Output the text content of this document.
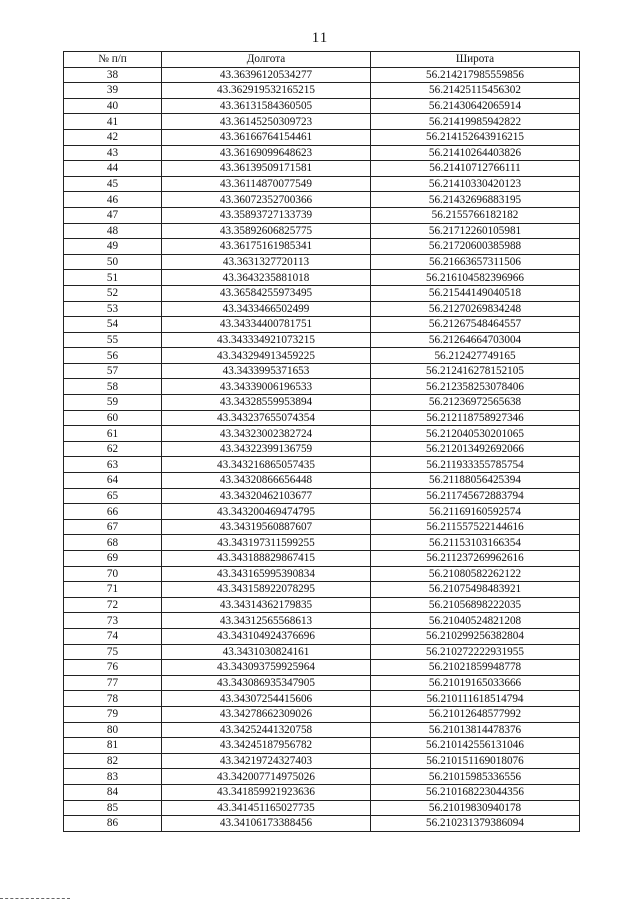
11
№ п/п	Долгота	Широта
38	43.36396120534277	56.214217985559856
39	43.362919532165215	56.21425115456302
40	43.36131584360505	56.21430642065914
41	43.36145250309723	56.21419985942822
42	43.36166764154461	56.214152643916215
43	43.36169099648623	56.21410264403826
44	43.36139509171581	56.21410712766111
45	43.36114870077549	56.21410330420123
46	43.36072352700366	56.21432696883195
47	43.35893727133739	56.2155766182182
48	43.35892606825775	56.21712260105981
49	43.36175161985341	56.21720600385988
50	43.3631327720113	56.21663657311506
51	43.3643235881018	56.216104582396966
52	43.36584255973495	56.21544149040518
53	43.3433466502499	56.21270269834248
54	43.34334400781751	56.21267548464557
55	43.343334921073215	56.21264664703004
56	43.343294913459225	56.212427749165
57	43.3433995371653	56.212416278152105
58	43.34339006196533	56.212358253078406
59	43.34328559953894	56.21236972565638
60	43.343237655074354	56.212118758927346
61	43.34323002382724	56.212040530201065
62	43.34322399136759	56.212013492692066
63	43.343216865057435	56.211933355785754
64	43.34320866656448	56.21188056425394
65	43.34320462103677	56.211745672883794
66	43.343200469474795	56.21169160592574
67	43.34319560887607	56.211557522144616
68	43.343197311599255	56.21153103166354
69	43.343188829867415	56.211237269962616
70	43.343165995390834	56.21080582262122
71	43.343158922078295	56.21075498483921
72	43.34314362179835	56.21056898222035
73	43.34312565568613	56.21040524821208
74	43.343104924376696	56.210299256382804
75	43.3431030824161	56.210272222931955
76	43.343093759925964	56.21021859948778
77	43.343086935347905	56.21019165033666
78	43.34307254415606	56.210111618514794
79	43.34278662309026	56.21012648577992
80	43.34252441320758	56.21013814478376
81	43.34245187956782	56.210142556131046
82	43.34219724327403	56.210151169018076
83	43.342007714975026	56.21015985336556
84	43.341859921923636	56.210168223044356
85	43.341451165027735	56.21019830940178
86	43.34106173388456	56.210231379386094
